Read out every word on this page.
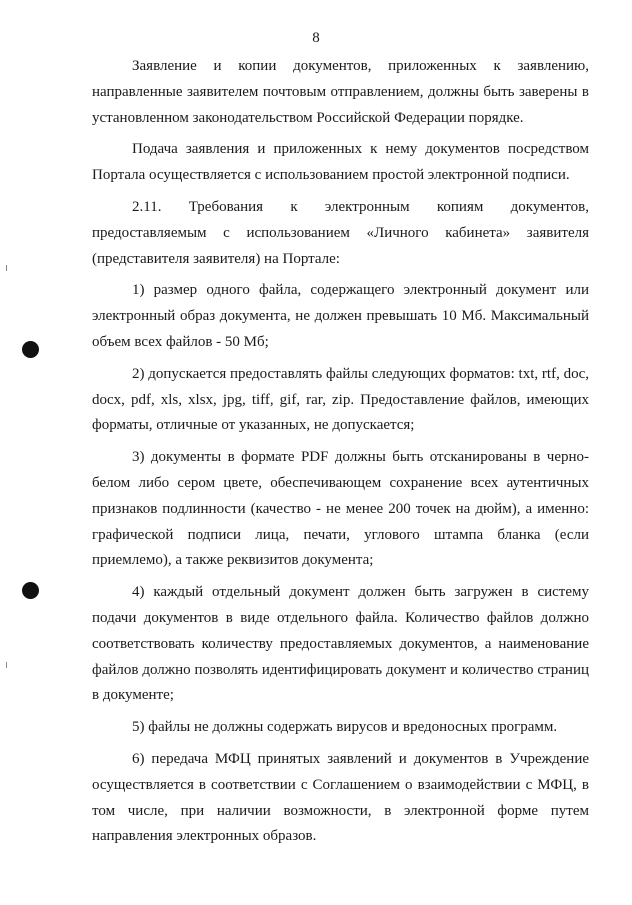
8

Заявление и копии документов, приложенных к заявлению, направленные заявителем почтовым отправлением, должны быть заверены в установленном законодательством Российской Федерации порядке.

Подача заявления и приложенных к нему документов посредством Портала осуществляется с использованием простой электронной подписи.

2.11. Требования к электронным копиям документов, предоставляемым с использованием «Личного кабинета» заявителя (представителя заявителя) на Портале:

1) размер одного файла, содержащего электронный документ или электронный образ документа, не должен превышать 10 Мб. Максимальный объем всех файлов - 50 Мб;

2) допускается предоставлять файлы следующих форматов: txt, rtf, doc, docx, pdf, xls, xlsx, jpg, tiff, gif, rar, zip. Предоставление файлов, имеющих форматы, отличные от указанных, не допускается;

3) документы в формате PDF должны быть отсканированы в черно-белом либо сером цвете, обеспечивающем сохранение всех аутентичных признаков подлинности (качество - не менее 200 точек на дюйм), а именно: графической подписи лица, печати, углового штампа бланка (если приемлемо), а также реквизитов документа;

4) каждый отдельный документ должен быть загружен в систему подачи документов в виде отдельного файла. Количество файлов должно соответствовать количеству предоставляемых документов, а наименование файлов должно позволять идентифицировать документ и количество страниц в документе;

5) файлы не должны содержать вирусов и вредоносных программ.

6) передача МФЦ принятых заявлений и документов в Учреждение осуществляется в соответствии с Соглашением о взаимодействии с МФЦ, в том числе, при наличии возможности, в электронной форме путем направления электронных образов.
